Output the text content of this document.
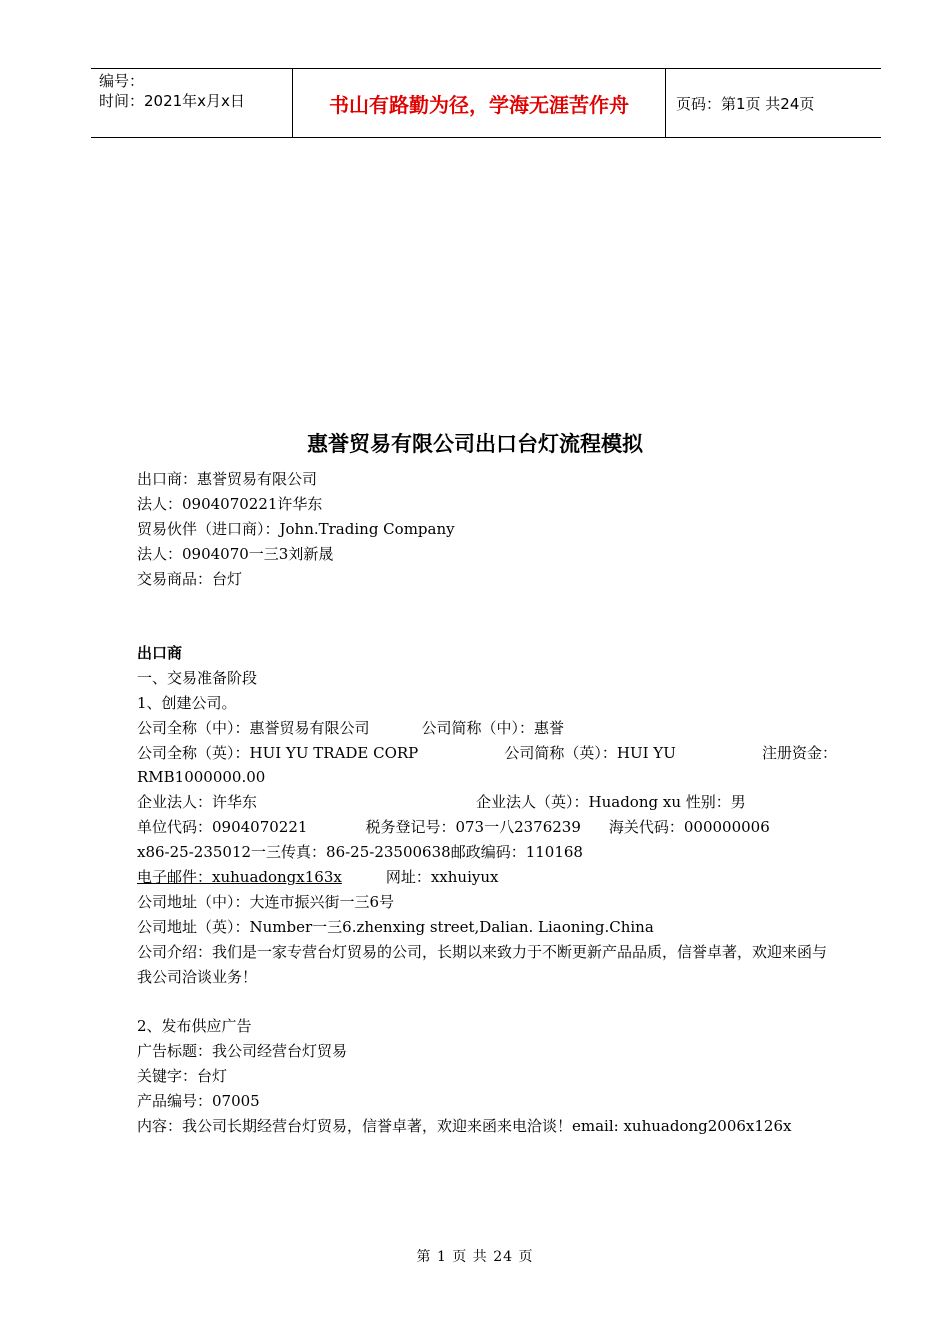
编号：
时间：2021年x月x日	书山有路勤为径，学海无涯苦作舟	页码：第1页 共24页
惠誉贸易有限公司出口台灯流程模拟
出口商：惠誉贸易有限公司
法人：0904070221许华东
贸易伙伴（进口商）：John.Trading Company
法人：0904070一三3刘新晟
交易商品：台灯
出口商
一、交易准备阶段
1、创建公司。
公司全称（中）：惠誉贸易有限公司	公司简称（中）：惠誉
公司全称（英）：HUI YU TRADE CORP	公司简称（英）：HUI YU	注册资金：
RMB1000000.00
企业法人：许华东	企业法人（英）：Huadong xu 性别：男
单位代码：0904070221	税务登记号：073一八2376239 海关代码：000000006
x86-25-235012一三传真：86-25-23500638邮政编码：110168
电子邮件：xuhuadongx163x	网址：xxhuiyux
公司地址（中）：大连市振兴街一三6号
公司地址（英）：Number一三6.zhenxing street,Dalian. Liaoning.China
公司介绍：我们是一家专营台灯贸易的公司，长期以来致力于不断更新产品品质，信誉卓著，欢迎来函与我公司洽谈业务！
2、发布供应广告
广告标题：我公司经营台灯贸易
关键字：台灯
产品编号：07005
内容：我公司长期经营台灯贸易，信誉卓著，欢迎来函来电洽谈！email: xuhuadong2006x126x
第 1 页 共 24 页
